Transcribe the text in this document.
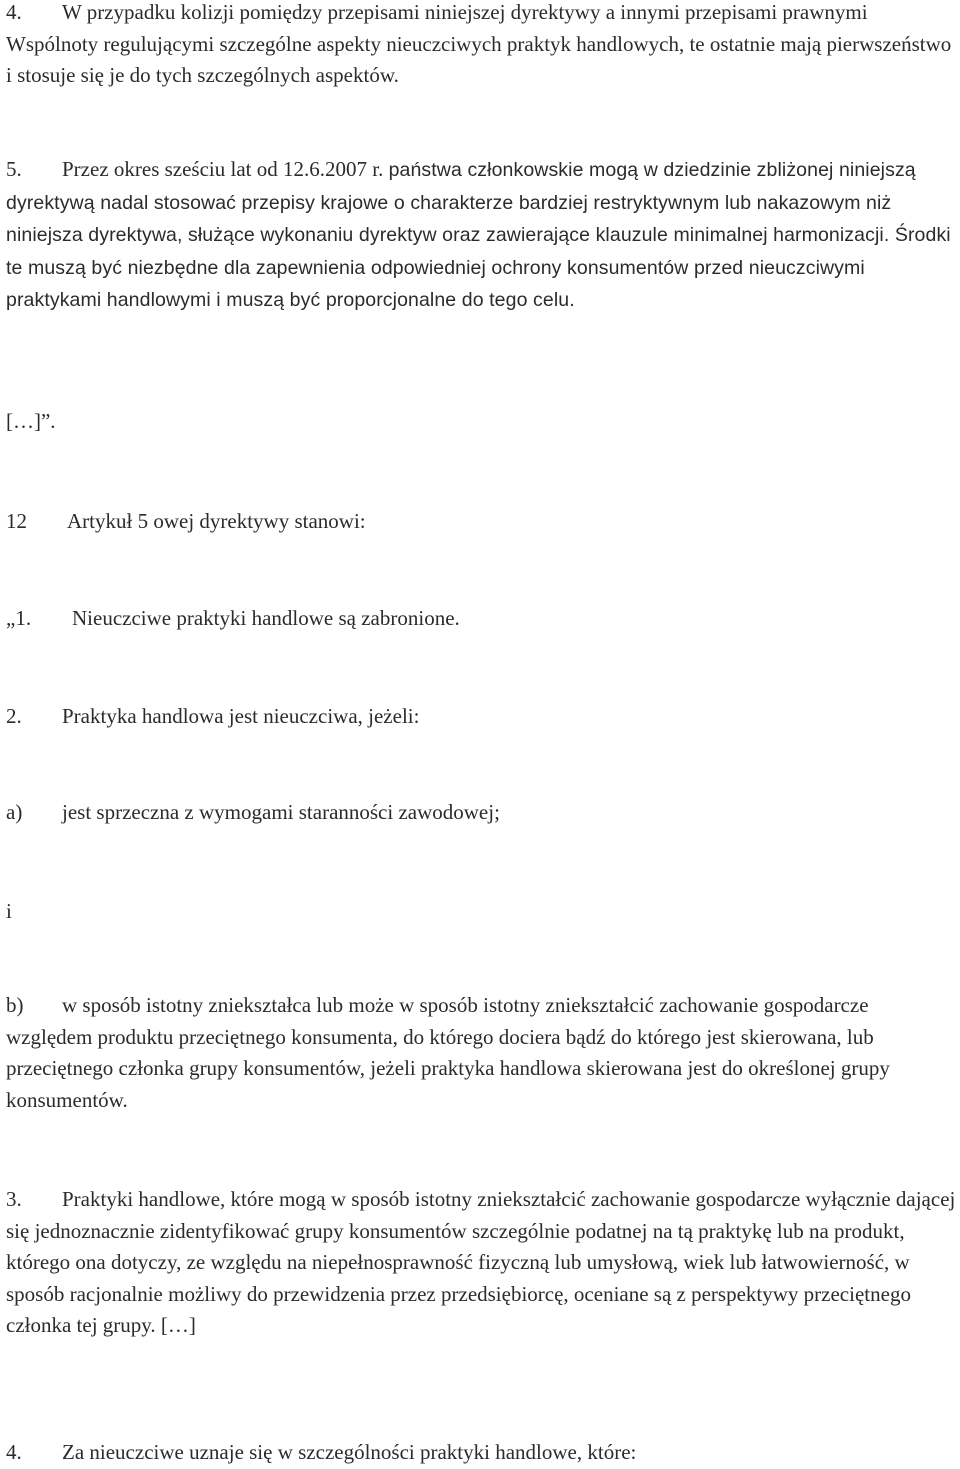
4. W przypadku kolizji pomiędzy przepisami niniejszej dyrektywy a innymi przepisami prawnymi Wspólnoty regulującymi szczególne aspekty nieuczciwych praktyk handlowych, te ostatnie mają pierwszeństwo i stosuje się je do tych szczególnych aspektów.

5. Przez okres sześciu lat od 12.6.2007 r. państwa członkowskie mogą w dziedzinie zbliżonej niniejszą dyrektywą nadal stosować przepisy krajowe o charakterze bardziej restryktywnym lub nakazowym niż niniejsza dyrektywa, służące wykonaniu dyrektyw oraz zawierające klauzule minimalnej harmonizacji. Środki te muszą być niezbędne dla zapewnienia odpowiedniej ochrony konsumentów przed nieuczciwymi praktykami handlowymi i muszą być proporcjonalne do tego celu.

[…]”.

12 Artykuł 5 owej dyrektywy stanowi:

„1. Nieuczciwe praktyki handlowe są zabronione.

2. Praktyka handlowa jest nieuczciwa, jeżeli:

a) jest sprzeczna z wymogami staranności zawodowej;

i

b) w sposób istotny zniekształca lub może w sposób istotny zniekształcić zachowanie gospodarcze względem produktu przeciętnego konsumenta, do którego dociera bądź do którego jest skierowana, lub przeciętnego członka grupy konsumentów, jeżeli praktyka handlowa skierowana jest do określonej grupy konsumentów.

3. Praktyki handlowe, które mogą w sposób istotny zniekształcić zachowanie gospodarcze wyłącznie dającej się jednoznacznie zidentyfikować grupy konsumentów szczególnie podatnej na tą praktykę lub na produkt, którego ona dotyczy, ze względu na niepełnosprawność fizyczną lub umysłową, wiek lub łatwowierność, w sposób racjonalnie możliwy do przewidzenia przez przedsiębiorcę, oceniane są z perspektywy przeciętnego członka tej grupy. […]

4. Za nieuczciwe uznaje się w szczególności praktyki handlowe, które:
